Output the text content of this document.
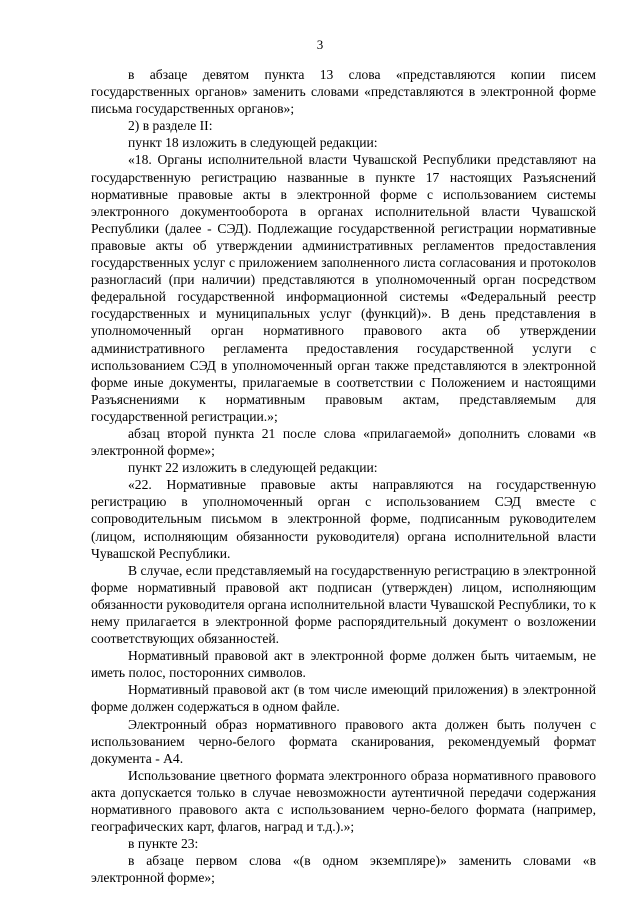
3

в абзаце девятом пункта 13 слова «представляются копии писем государственных органов» заменить словами «представляются в электронной форме письма государственных органов»;

2) в разделе II:

пункт 18 изложить в следующей редакции:

«18. Органы исполнительной власти Чувашской Республики представляют на государственную регистрацию названные в пункте 17 настоящих Разъяснений нормативные правовые акты в электронной форме с использованием системы электронного документооборота в органах исполнительной власти Чувашской Республики (далее - СЭД). Подлежащие государственной регистрации нормативные правовые акты об утверждении административных регламентов предоставления государственных услуг с приложением заполненного листа согласования и протоколов разногласий (при наличии) представляются в уполномоченный орган посредством федеральной государственной информационной системы «Федеральный реестр государственных и муниципальных услуг (функций)». В день представления в уполномоченный орган нормативного правового акта об утверждении административного регламента предоставления государственной услуги с использованием СЭД в уполномоченный орган также представляются в электронной форме иные документы, прилагаемые в соответствии с Положением и настоящими Разъяснениями к нормативным правовым актам, представляемым для государственной регистрации.»;

абзац второй пункта 21 после слова «прилагаемой» дополнить словами «в электронной форме»;

пункт 22 изложить в следующей редакции:

«22. Нормативные правовые акты направляются на государственную регистрацию в уполномоченный орган с использованием СЭД вместе с сопроводительным письмом в электронной форме, подписанным руководителем (лицом, исполняющим обязанности руководителя) органа исполнительной власти Чувашской Республики.

В случае, если представляемый на государственную регистрацию в электронной форме нормативный правовой акт подписан (утвержден) лицом, исполняющим обязанности руководителя органа исполнительной власти Чувашской Республики, то к нему прилагается в электронной форме распорядительный документ о возложении соответствующих обязанностей.

Нормативный правовой акт в электронной форме должен быть читаемым, не иметь полос, посторонних символов.

Нормативный правовой акт (в том числе имеющий приложения) в электронной форме должен содержаться в одном файле.

Электронный образ нормативного правового акта должен быть получен с использованием черно-белого формата сканирования, рекомендуемый формат документа - А4.

Использование цветного формата электронного образа нормативного правового акта допускается только в случае невозможности аутентичной передачи содержания нормативного правового акта с использованием черно-белого формата (например, географических карт, флагов, наград и т.д.).»;

в пункте 23:

в абзаце первом слова «(в одном экземпляре)» заменить словами «в электронной форме»;
